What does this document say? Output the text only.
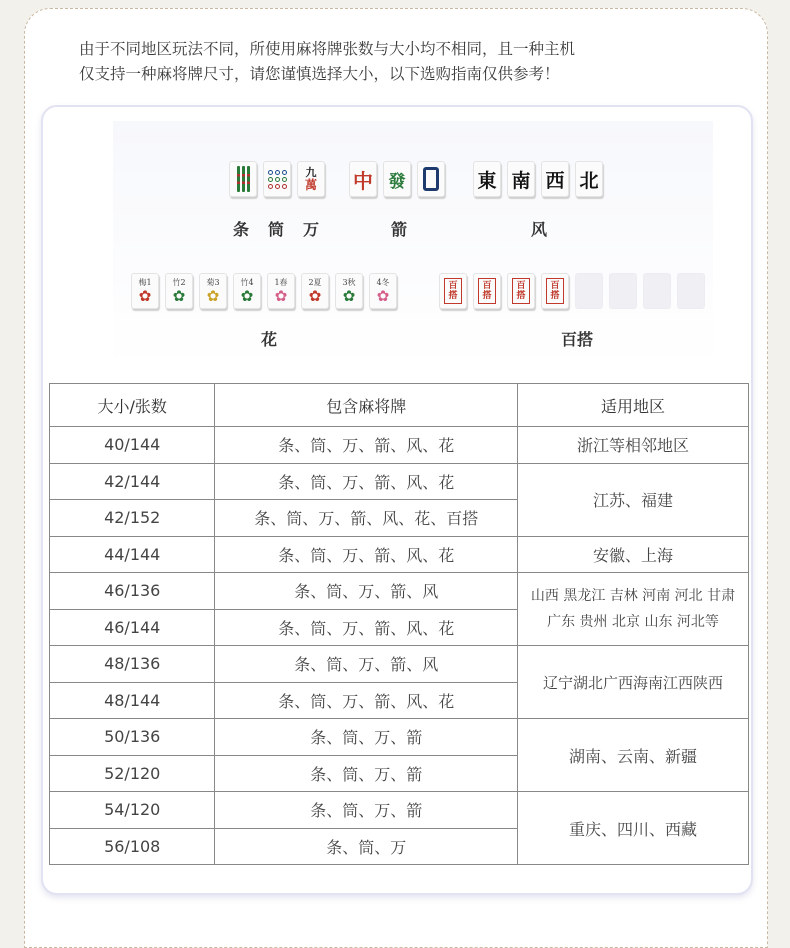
由于不同地区玩法不同，所使用麻将牌张数与大小均不相同，且一种主机
仅支持一种麻将牌尺寸，请您谨慎选择大小，以下选购指南仅供参考！

九
萬 中 發	東 南 西 北
条 筒 万	箭	风
梅1
✿
竹2
✿
菊3
✿
竹4
✿
1春
✿
2夏
✿
3秋
✿
4冬
✿
百
搭
百
搭
百
搭
百
搭
花	百搭
大小/张数	包含麻将牌	适用地区
40/144	条、筒、万、箭、风、花	浙江等相邻地区
42/144	条、筒、万、箭、风、花	江苏、福建
42/152	条、筒、万、箭、风、花、百搭	
44/144	条、筒、万、箭、风、花	安徽、上海
46/136	条、筒、万、箭、风	山西 黑龙江 吉林 河南 河北 甘肃
广东 贵州 北京 山东 河北等
46/144	条、筒、万、箭、风、花	
48/136	条、筒、万、箭、风	辽宁湖北广西海南江西陕西
48/144	条、筒、万、箭、风、花	
50/136	条、筒、万、箭	湖南、云南、新疆
52/120	条、筒、万、箭	
54/120	条、筒、万、箭	重庆、四川、西藏
56/108	条、筒、万	
